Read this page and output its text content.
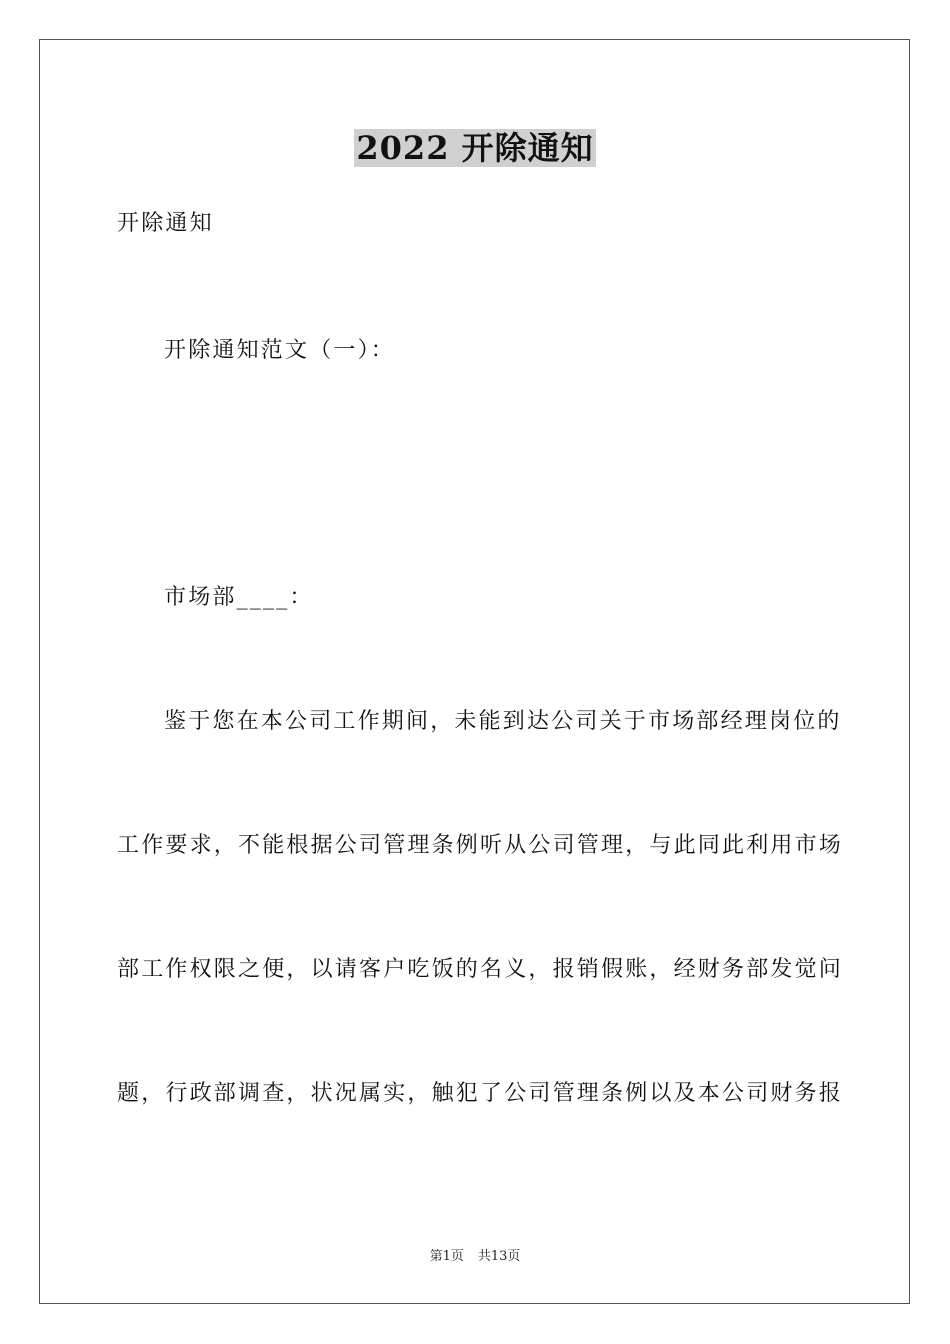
2022 开除通知
开除通知
开除通知范文（一）：
市场部____：
鉴于您在本公司工作期间，未能到达公司关于市场部经理岗位的
工作要求，不能根据公司管理条例听从公司管理，与此同此利用市场
部工作权限之便，以请客户吃饭的名义，报销假账，经财务部发觉问
题，行政部调查，状况属实，触犯了公司管理条例以及本公司财务报
第1页 共13页
